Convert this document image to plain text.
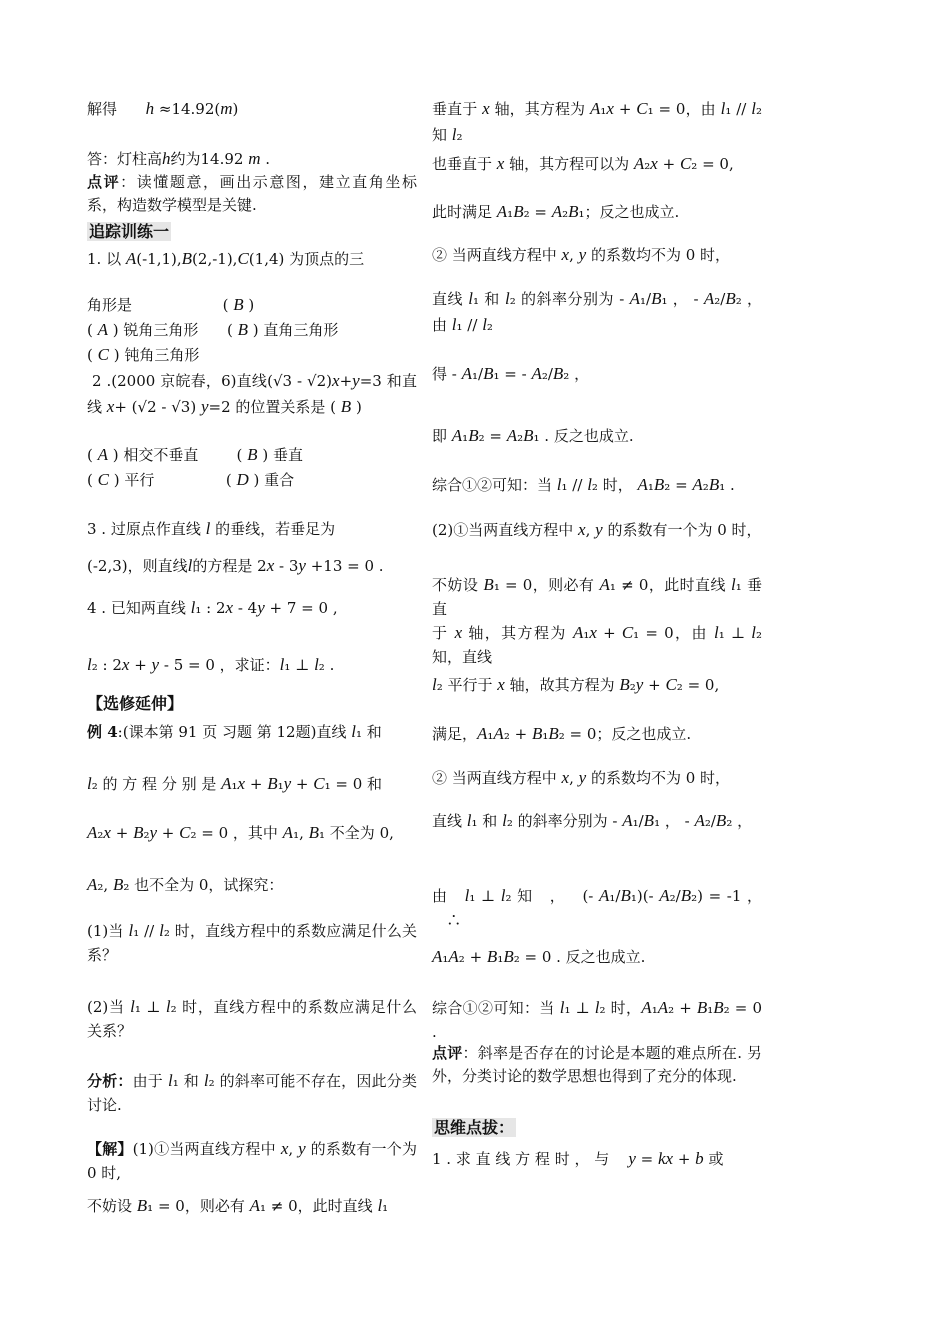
解得      h ≈14.92(m)
答：灯柱高h约为14.92 m .
点评：读懂题意，画出示意图，建立直角坐标系，构造数学模型是关键.
追踪训练一
1. 以 A(-1,1),B(2,-1),C(1,4) 为顶点的三
角形是                   ( B )
( A ) 锐角三角形      ( B ) 直角三角形
( C ) 钝角三角形
2 .(2000 京皖春，6)直线(√3 - √2)x+y=3 和直线 x+ (√2 - √3) y=2 的位置关系是 ( B )
( A ) 相交不垂直        ( B ) 垂直
( C ) 平行               ( D ) 重合
3 . 过原点作直线 l 的垂线，若垂足为
(-2,3)，则直线l的方程是 2x - 3y +13 = 0 .
4 . 已知两直线 l₁ : 2x - 4y + 7 = 0 ,
l₂ : 2x + y - 5 = 0 ，求证：l₁ ⊥ l₂ .
【选修延伸】
例 4:(课本第 91 页 习题 第 12题)直线 l₁ 和
l₂ 的 方 程 分 别 是 A₁x + B₁y + C₁ = 0 和
A₂x + B₂y + C₂ = 0 ，其中 A₁, B₁ 不全为 0,
A₂, B₂ 也不全为 0，试探究：
(1)当 l₁ // l₂ 时，直线方程中的系数应满足什么关系？
(2)当 l₁ ⊥ l₂ 时，直线方程中的系数应满足什么关系？
分析：由于 l₁ 和 l₂ 的斜率可能不存在，因此分类讨论.
【解】(1)①当两直线方程中 x, y 的系数有一个为 0 时,
不妨设 B₁ = 0，则必有 A₁ ≠ 0，此时直线 l₁
垂直于 x 轴，其方程为 A₁x + C₁ = 0，由 l₁ // l₂ 知 l₂
也垂直于 x 轴，其方程可以为 A₂x + C₂ = 0,
此时满足 A₁B₂ = A₂B₁；反之也成立.
② 当两直线方程中 x, y 的系数均不为 0 时，
直线 l₁ 和 l₂ 的斜率分别为 - A₁/B₁ ， - A₂/B₂ ，由 l₁ // l₂
得 - A₁/B₁ = - A₂/B₂ ，
即 A₁B₂ = A₂B₁ . 反之也成立.
综合①②可知：当 l₁ // l₂ 时， A₁B₂ = A₂B₁ .
(2)①当两直线方程中 x, y 的系数有一个为 0 时，
不妨设 B₁ = 0，则必有 A₁ ≠ 0，此时直线 l₁ 垂直
于 x 轴，其方程为 A₁x + C₁ = 0，由 l₁ ⊥ l₂ 知，直线
l₂ 平行于 x 轴，故其方程为 B₂y + C₂ = 0,
满足，A₁A₂ + B₁B₂ = 0；反之也成立.
② 当两直线方程中 x, y 的系数均不为 0 时，
直线 l₁ 和 l₂ 的斜率分别为 - A₁/B₁ ， - A₂/B₂ ，
由   l₁ ⊥ l₂ 知   ，   (- A₁/B₁)(- A₂/B₂) = -1 ，    ∴
A₁A₂ + B₁B₂ = 0 . 反之也成立.
综合①②可知：当 l₁ ⊥ l₂ 时，A₁A₂ + B₁B₂ = 0 .
点评：斜率是否存在的讨论是本题的难点所在. 另外，分类讨论的数学思想也得到了充分的体现.
思维点拔：
1 . 求 直 线 方 程 时 ， 与    y = kx + b 或
